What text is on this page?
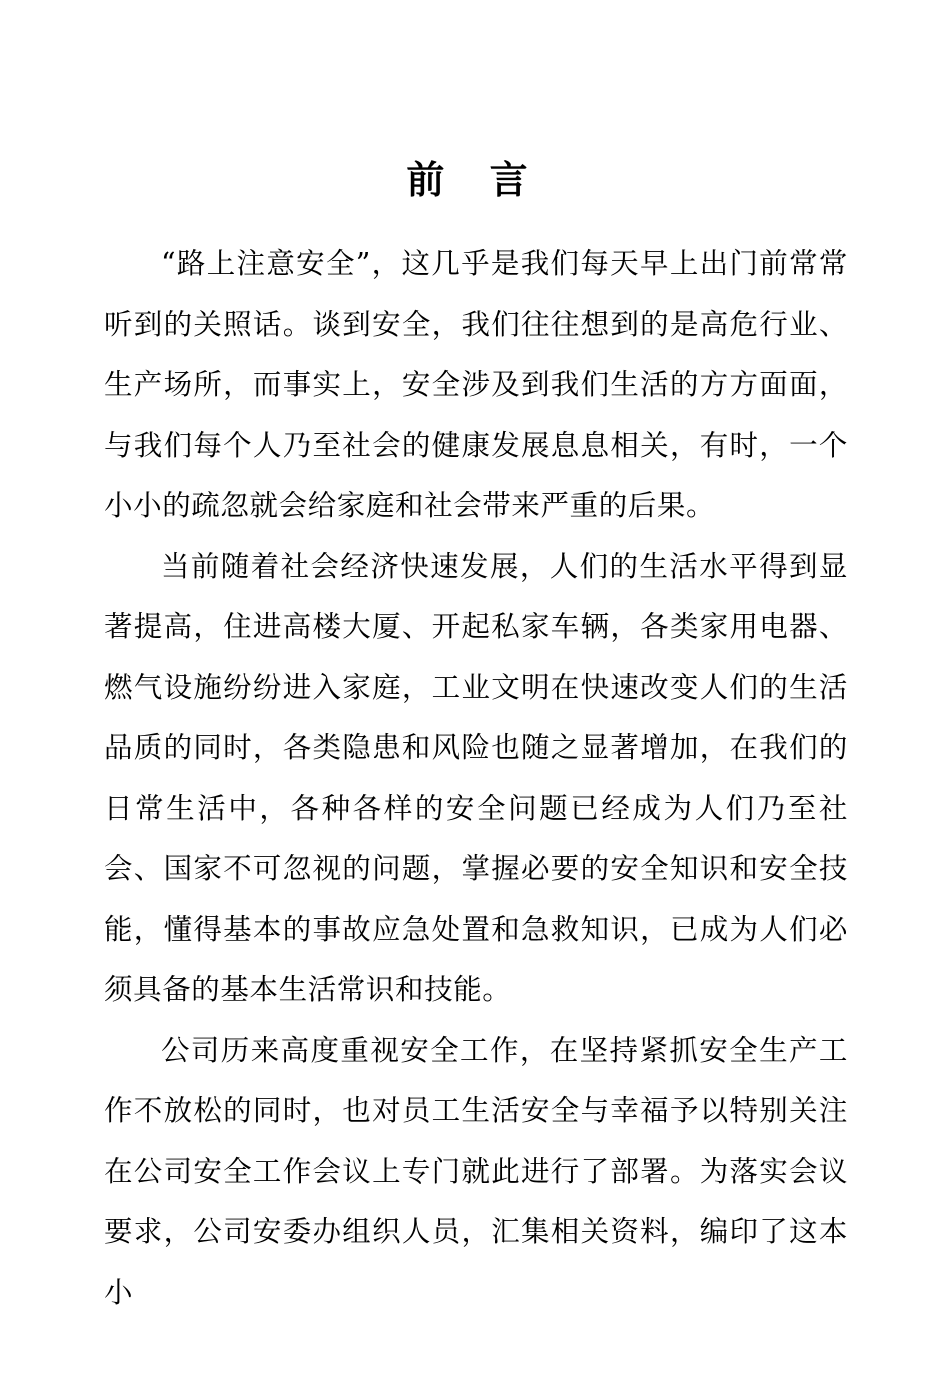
前 言

“路上注意安全”，这几乎是我们每天早上出门前常常听到的关照话。谈到安全，我们往往想到的是高危行业、生产场所，而事实上，安全涉及到我们生活的方方面面，与我们每个人乃至社会的健康发展息息相关，有时，一个小小的疏忽就会给家庭和社会带来严重的后果。

当前随着社会经济快速发展，人们的生活水平得到显著提高，住进高楼大厦、开起私家车辆，各类家用电器、燃气设施纷纷进入家庭，工业文明在快速改变人们的生活品质的同时，各类隐患和风险也随之显著增加，在我们的日常生活中，各种各样的安全问题已经成为人们乃至社会、国家不可忽视的问题，掌握必要的安全知识和安全技能，懂得基本的事故应急处置和急救知识，已成为人们必须具备的基本生活常识和技能。

公司历来高度重视安全工作，在坚持紧抓安全生产工作不放松的同时，也对员工生活安全与幸福予以特别关注在公司安全工作会议上专门就此进行了部署。为落实会议要求，公司安委办组织人员，汇集相关资料，编印了这本小
